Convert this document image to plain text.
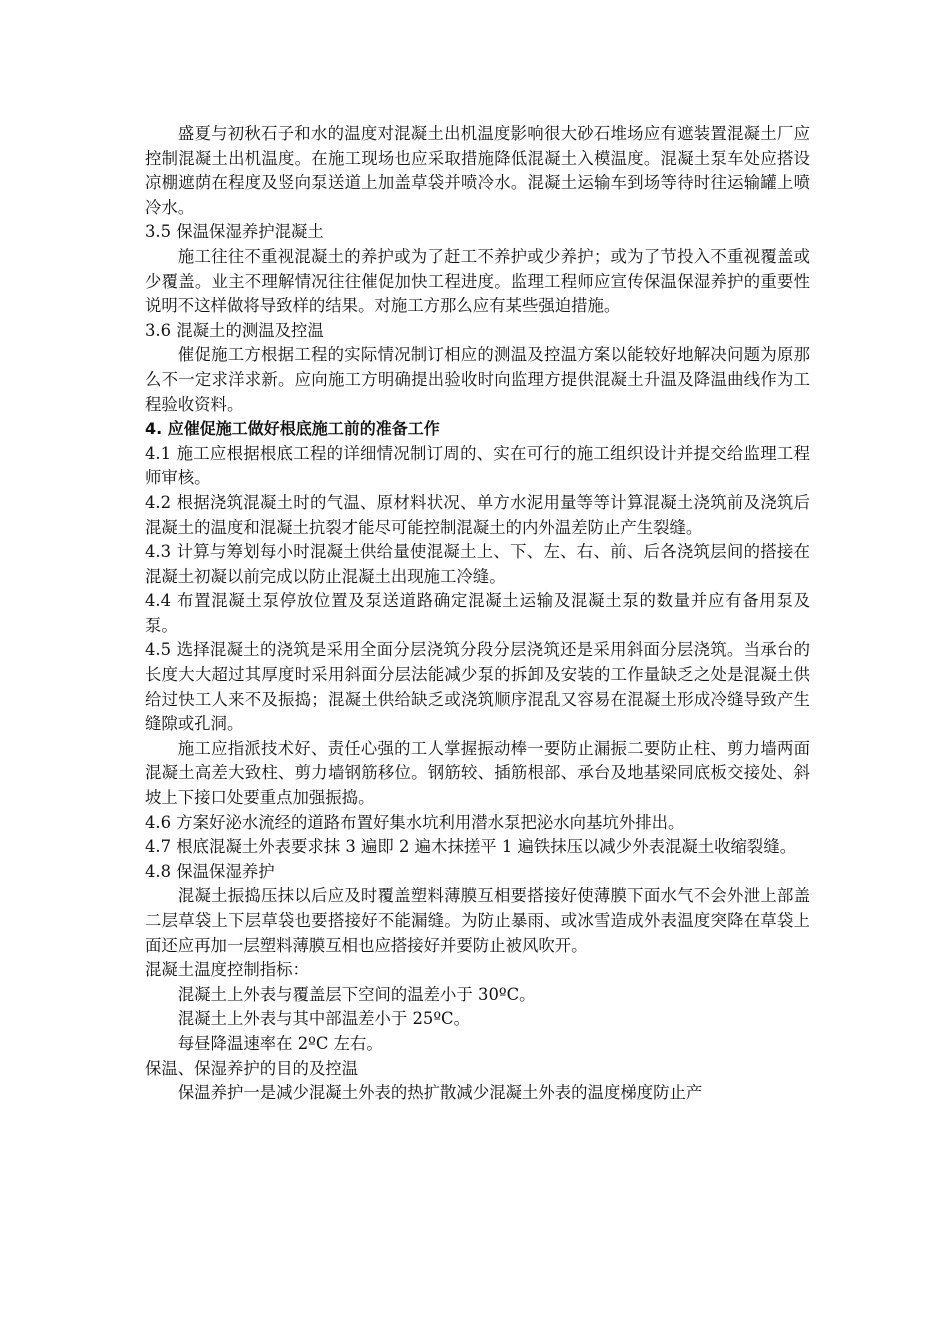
盛夏与初秋石子和水的温度对混凝土出机温度影响很大砂石堆场应有遮装置混凝土厂应控制混凝土出机温度。在施工现场也应采取措施降低混凝土入模温度。混凝土泵车处应搭设凉棚遮荫在程度及竖向泵送道上加盖草袋并喷冷水。混凝土运输车到场等待时往运输罐上喷冷水。

3.5 保温保湿养护混凝土

施工往往不重视混凝土的养护或为了赶工不养护或少养护；或为了节投入不重视覆盖或少覆盖。业主不理解情况往往催促加快工程进度。监理工程师应宣传保温保湿养护的重要性说明不这样做将导致样的结果。对施工方那么应有某些强迫措施。

3.6 混凝土的测温及控温

催促施工方根据工程的实际情况制订相应的测温及控温方案以能较好地解决问题为原那么不一定求洋求新。应向施工方明确提出验收时向监理方提供混凝土升温及降温曲线作为工程验收资料。

4. 应催促施工做好根底施工前的准备工作

4.1 施工应根据根底工程的详细情况制订周的、实在可行的施工组织设计并提交给监理工程师审核。

4.2 根据浇筑混凝土时的气温、原材料状况、单方水泥用量等等计算混凝土浇筑前及浇筑后混凝土的温度和混凝土抗裂才能尽可能控制混凝土的内外温差防止产生裂缝。

4.3 计算与筹划每小时混凝土供给量使混凝土上、下、左、右、前、后各浇筑层间的搭接在混凝土初凝以前完成以防止混凝土出现施工冷缝。

4.4 布置混凝土泵停放位置及泵送道路确定混凝土运输及混凝土泵的数量并应有备用泵及泵。

4.5 选择混凝土的浇筑是采用全面分层浇筑分段分层浇筑还是采用斜面分层浇筑。当承台的长度大大超过其厚度时采用斜面分层法能减少泵的拆卸及安装的工作量缺乏之处是混凝土供给过快工人来不及振捣；混凝土供给缺乏或浇筑顺序混乱又容易在混凝土形成冷缝导致产生缝隙或孔洞。

施工应指派技术好、责任心强的工人掌握振动棒一要防止漏振二要防止柱、剪力墙两面混凝土高差大致柱、剪力墙钢筋移位。钢筋较、插筋根部、承台及地基梁同底板交接处、斜坡上下接口处要重点加强振捣。

4.6 方案好泌水流经的道路布置好集水坑利用潜水泵把泌水向基坑外排出。

4.7 根底混凝土外表要求抹 3 遍即 2 遍木抹搓平 1 遍铁抹压以减少外表混凝土收缩裂缝。

4.8 保温保湿养护

混凝土振捣压抹以后应及时覆盖塑料薄膜互相要搭接好使薄膜下面水气不会外泄上部盖二层草袋上下层草袋也要搭接好不能漏缝。为防止暴雨、或冰雪造成外表温度突降在草袋上面还应再加一层塑料薄膜互相也应搭接好并要防止被风吹开。

混凝土温度控制指标：

混凝土上外表与覆盖层下空间的温差小于 30ºC。

混凝土上外表与其中部温差小于 25ºC。

每昼降温速率在 2ºC 左右。

保温、保湿养护的目的及控温

保温养护一是减少混凝土外表的热扩散减少混凝土外表的温度梯度防止产
